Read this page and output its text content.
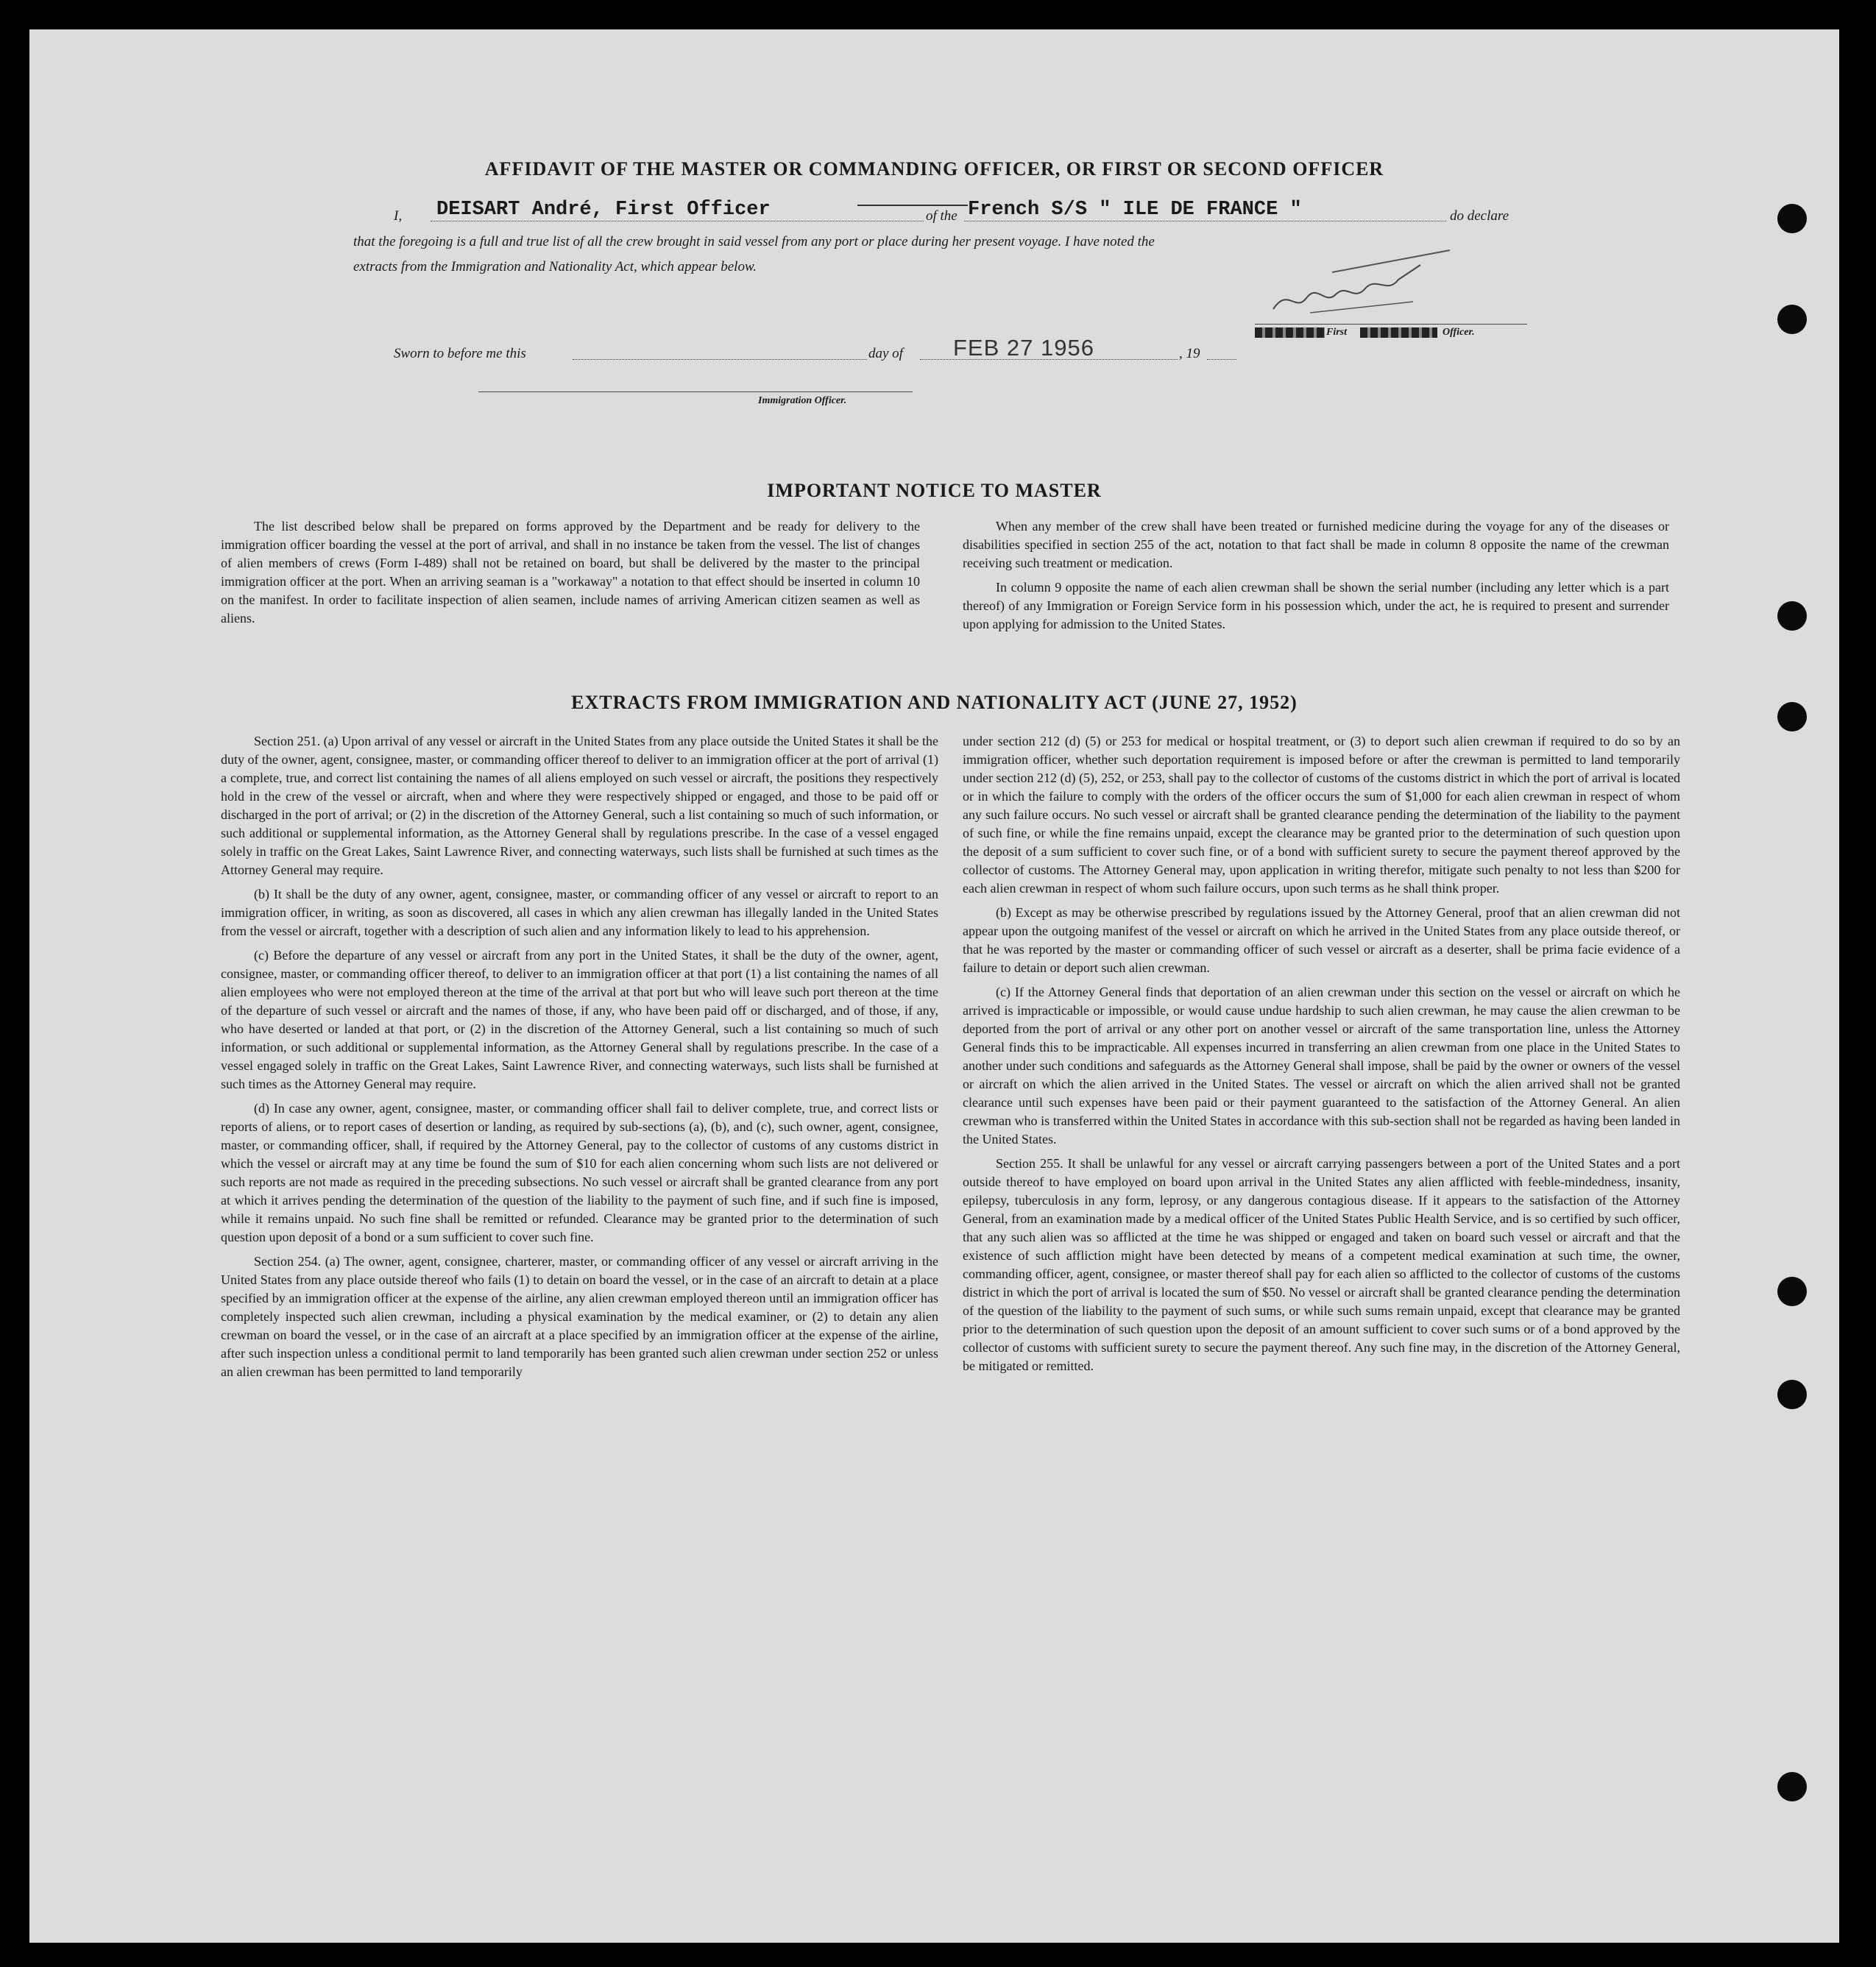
AFFIDAVIT OF THE MASTER OR COMMANDING OFFICER, OR FIRST OR SECOND OFFICER
I, DEISART André, First Officer	of the French S/S " ILE DE FRANCE "	do declare
that the foregoing is a full and true list of all the crew brought in said vessel from any port or place during her present voyage. I have noted the
extracts from the Immigration and Nationality Act, which appear below.
First	Officer.
Sworn to before me this	day of FEB 27 1956	, 19
Immigration Officer.
IMPORTANT NOTICE TO MASTER

The list described below shall be prepared on forms approved by the Department and be ready for delivery to the immigration officer boarding the vessel at the port of arrival, and shall in no instance be taken from the vessel. The list of changes of alien members of crews (Form I-489) shall not be retained on board, but shall be delivered by the master to the principal immigration officer at the port. When an arriving seaman is a "workaway" a notation to that effect should be inserted in column 10 on the manifest. In order to facilitate inspection of alien seamen, include names of arriving American citizen seamen as well as aliens.

When any member of the crew shall have been treated or furnished medicine during the voyage for any of the diseases or disabilities specified in section 255 of the act, notation to that fact shall be made in column 8 opposite the name of the crewman receiving such treatment or medication.

In column 9 opposite the name of each alien crewman shall be shown the serial number (including any letter which is a part thereof) of any Immigration or Foreign Service form in his possession which, under the act, he is required to present and surrender upon applying for admission to the United States.

EXTRACTS FROM IMMIGRATION AND NATIONALITY ACT (JUNE 27, 1952)

Section 251. (a) Upon arrival of any vessel or aircraft in the United States from any place outside the United States it shall be the duty of the owner, agent, consignee, master, or commanding officer thereof to deliver to an immigration officer at the port of arrival (1) a complete, true, and correct list containing the names of all aliens employed on such vessel or aircraft, the positions they respectively hold in the crew of the vessel or aircraft, when and where they were respectively shipped or engaged, and those to be paid off or discharged in the port of arrival; or (2) in the discretion of the Attorney General, such a list containing so much of such information, or such additional or supplemental information, as the Attorney General shall by regulations prescribe. In the case of a vessel engaged solely in traffic on the Great Lakes, Saint Lawrence River, and connecting waterways, such lists shall be furnished at such times as the Attorney General may require.

(b) It shall be the duty of any owner, agent, consignee, master, or commanding officer of any vessel or aircraft to report to an immigration officer, in writing, as soon as discovered, all cases in which any alien crewman has illegally landed in the United States from the vessel or aircraft, together with a description of such alien and any information likely to lead to his apprehension.

(c) Before the departure of any vessel or aircraft from any port in the United States, it shall be the duty of the owner, agent, consignee, master, or commanding officer thereof, to deliver to an immigration officer at that port (1) a list containing the names of all alien employees who were not employed thereon at the time of the arrival at that port but who will leave such port thereon at the time of the departure of such vessel or aircraft and the names of those, if any, who have been paid off or discharged, and of those, if any, who have deserted or landed at that port, or (2) in the discretion of the Attorney General, such a list containing so much of such information, or such additional or supplemental information, as the Attorney General shall by regulations prescribe. In the case of a vessel engaged solely in traffic on the Great Lakes, Saint Lawrence River, and connecting waterways, such lists shall be furnished at such times as the Attorney General may require.

(d) In case any owner, agent, consignee, master, or commanding officer shall fail to deliver complete, true, and correct lists or reports of aliens, or to report cases of desertion or landing, as required by sub-sections (a), (b), and (c), such owner, agent, consignee, master, or commanding officer, shall, if required by the Attorney General, pay to the collector of customs of any customs district in which the vessel or aircraft may at any time be found the sum of $10 for each alien concerning whom such lists are not delivered or such reports are not made as required in the preceding subsections. No such vessel or aircraft shall be granted clearance from any port at which it arrives pending the determination of the question of the liability to the payment of such fine, and if such fine is imposed, while it remains unpaid. No such fine shall be remitted or refunded. Clearance may be granted prior to the determination of such question upon deposit of a bond or a sum sufficient to cover such fine.

Section 254. (a) The owner, agent, consignee, charterer, master, or commanding officer of any vessel or aircraft arriving in the United States from any place outside thereof who fails (1) to detain on board the vessel, or in the case of an aircraft to detain at a place specified by an immigration officer at the expense of the airline, any alien crewman employed thereon until an immigration officer has completely inspected such alien crewman, including a physical examination by the medical examiner, or (2) to detain any alien crewman on board the vessel, or in the case of an aircraft at a place specified by an immigration officer at the expense of the airline, after such inspection unless a conditional permit to land temporarily has been granted such alien crewman under section 252 or unless an alien crewman has been permitted to land temporarily

under section 212 (d) (5) or 253 for medical or hospital treatment, or (3) to deport such alien crewman if required to do so by an immigration officer, whether such deportation requirement is imposed before or after the crewman is permitted to land temporarily under section 212 (d) (5), 252, or 253, shall pay to the collector of customs of the customs district in which the port of arrival is located or in which the failure to comply with the orders of the officer occurs the sum of $1,000 for each alien crewman in respect of whom any such failure occurs. No such vessel or aircraft shall be granted clearance pending the determination of the liability to the payment of such fine, or while the fine remains unpaid, except the clearance may be granted prior to the determination of such question upon the deposit of a sum sufficient to cover such fine, or of a bond with sufficient surety to secure the payment thereof approved by the collector of customs. The Attorney General may, upon application in writing therefor, mitigate such penalty to not less than $200 for each alien crewman in respect of whom such failure occurs, upon such terms as he shall think proper.

(b) Except as may be otherwise prescribed by regulations issued by the Attorney General, proof that an alien crewman did not appear upon the outgoing manifest of the vessel or aircraft on which he arrived in the United States from any place outside thereof, or that he was reported by the master or commanding officer of such vessel or aircraft as a deserter, shall be prima facie evidence of a failure to detain or deport such alien crewman.

(c) If the Attorney General finds that deportation of an alien crewman under this section on the vessel or aircraft on which he arrived is impracticable or impossible, or would cause undue hardship to such alien crewman, he may cause the alien crewman to be deported from the port of arrival or any other port on another vessel or aircraft of the same transportation line, unless the Attorney General finds this to be impracticable. All expenses incurred in transferring an alien crewman from one place in the United States to another under such conditions and safeguards as the Attorney General shall impose, shall be paid by the owner or owners of the vessel or aircraft on which the alien arrived in the United States. The vessel or aircraft on which the alien arrived shall not be granted clearance until such expenses have been paid or their payment guaranteed to the satisfaction of the Attorney General. An alien crewman who is transferred within the United States in accordance with this sub-section shall not be regarded as having been landed in the United States.

Section 255. It shall be unlawful for any vessel or aircraft carrying passengers between a port of the United States and a port outside thereof to have employed on board upon arrival in the United States any alien afflicted with feeble-mindedness, insanity, epilepsy, tuberculosis in any form, leprosy, or any dangerous contagious disease. If it appears to the satisfaction of the Attorney General, from an examination made by a medical officer of the United States Public Health Service, and is so certified by such officer, that any such alien was so afflicted at the time he was shipped or engaged and taken on board such vessel or aircraft and that the existence of such affliction might have been detected by means of a competent medical examination at such time, the owner, commanding officer, agent, consignee, or master thereof shall pay for each alien so afflicted to the collector of customs of the customs district in which the port of arrival is located the sum of $50. No vessel or aircraft shall be granted clearance pending the determination of the question of the liability to the payment of such sums, or while such sums remain unpaid, except that clearance may be granted prior to the determination of such question upon the deposit of an amount sufficient to cover such sums or of a bond approved by the collector of customs with sufficient surety to secure the payment thereof. Any such fine may, in the discretion of the Attorney General, be mitigated or remitted.
